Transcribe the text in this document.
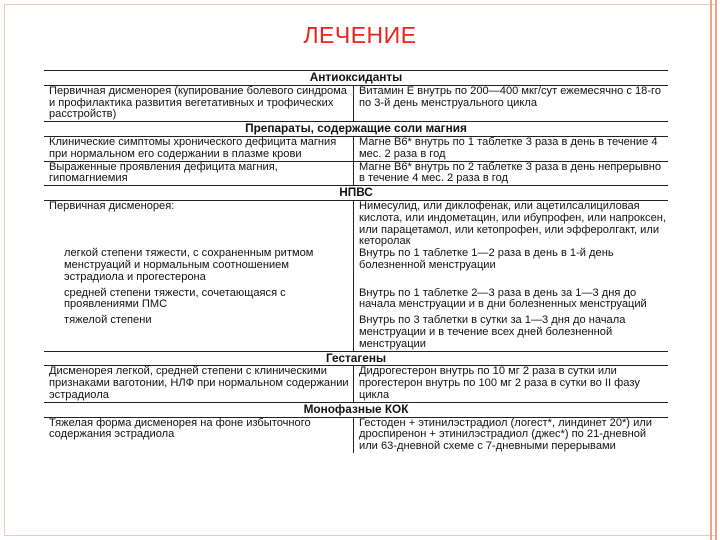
ЛЕЧЕНИЕ
Антиоксиданты	
Первичная дисменорея (купирование болевого синдрома и профилактика развития вегетативных и трофических расстройств)	Витамин Е внутрь по 200—400 мкг/сут ежемесячно с 18-го по 3-й день менструального цикла
Препараты, содержащие соли магния	
Клинические симптомы хронического дефицита магния при нормальном его содержании в плазме крови	Магне B6* внутрь по 1 таблетке 3 раза в день в течение 4 мес. 2 раза в год
Выраженные проявления дефицита магния, гипомагниемия	Магне B6* внутрь по 2 таблетке 3 раза в день непрерывно в течение 4 мес. 2 раза в год
НПВС	
Первичная дисменорея:	Нимесулид, или диклофенак, или ацетилсалициловая кислота, или индометацин, или ибупрофен, или напроксен, или парацетамол, или кетопрофен, или эфферолгакт, или кеторолак
легкой степени тяжести, с сохраненным ритмом менструаций и нормальным соотношением эстрадиола и прогестерона	Внутрь по 1 таблетке 1—2 раза в день в 1-й день болезненной менструации
средней степени тяжести, сочетающаяся с проявлениями ПМС	Внутрь по 1 таблетке 2—3 раза в день за 1—3 дня до начала менструации и в дни болезненных менструаций
тяжелой степени	Внутрь по 3 таблетки в сутки за 1—3 дня до начала менструации и в течение всех дней болезненной менструации
Гестагены	
Дисменорея легкой, средней степени с клиническими признаками ваготонии, НЛФ при нормальном содержании эстрадиола	Дидрогестерон внутрь по 10 мг 2 раза в сутки или прогестерон внутрь по 100 мг 2 раза в сутки во II фазу цикла
Монофазные КОК	
Тяжелая форма дисменорея на фоне избыточного содержания эстрадиола	Гестоден + этинилэстрадиол (логест*, линдинет 20*) или дроспиренон + этинилэстрадиол (джес*) по 21-дневной или 63-дневной схеме с 7-дневными перерывами
